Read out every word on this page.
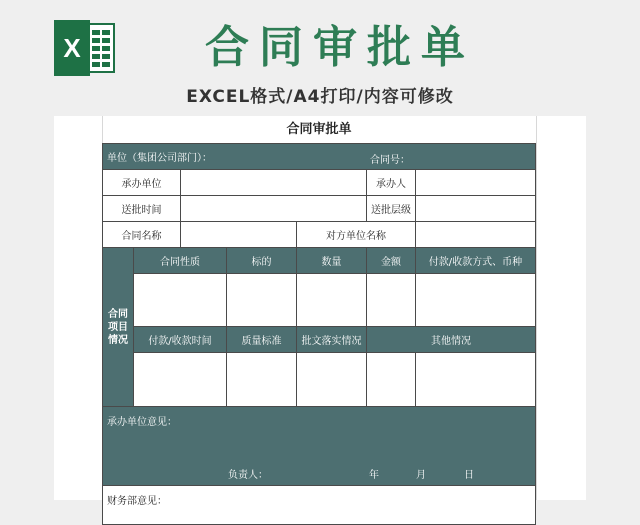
X	合同审批单
EXCEL格式/A4打印/内容可修改
合同审批单
单位（集团公司部门）：	合同号：
承办单位	承办人
送批时间	送批层级
合同名称	对方单位名称
合同
项目
情况
合同性质	标的	数量	金额	付款/收款方式、币种
付款/收款时间	质量标准	批文落实情况	其他情况
承办单位意见：
负责人：	年	月	日
财务部意见：
